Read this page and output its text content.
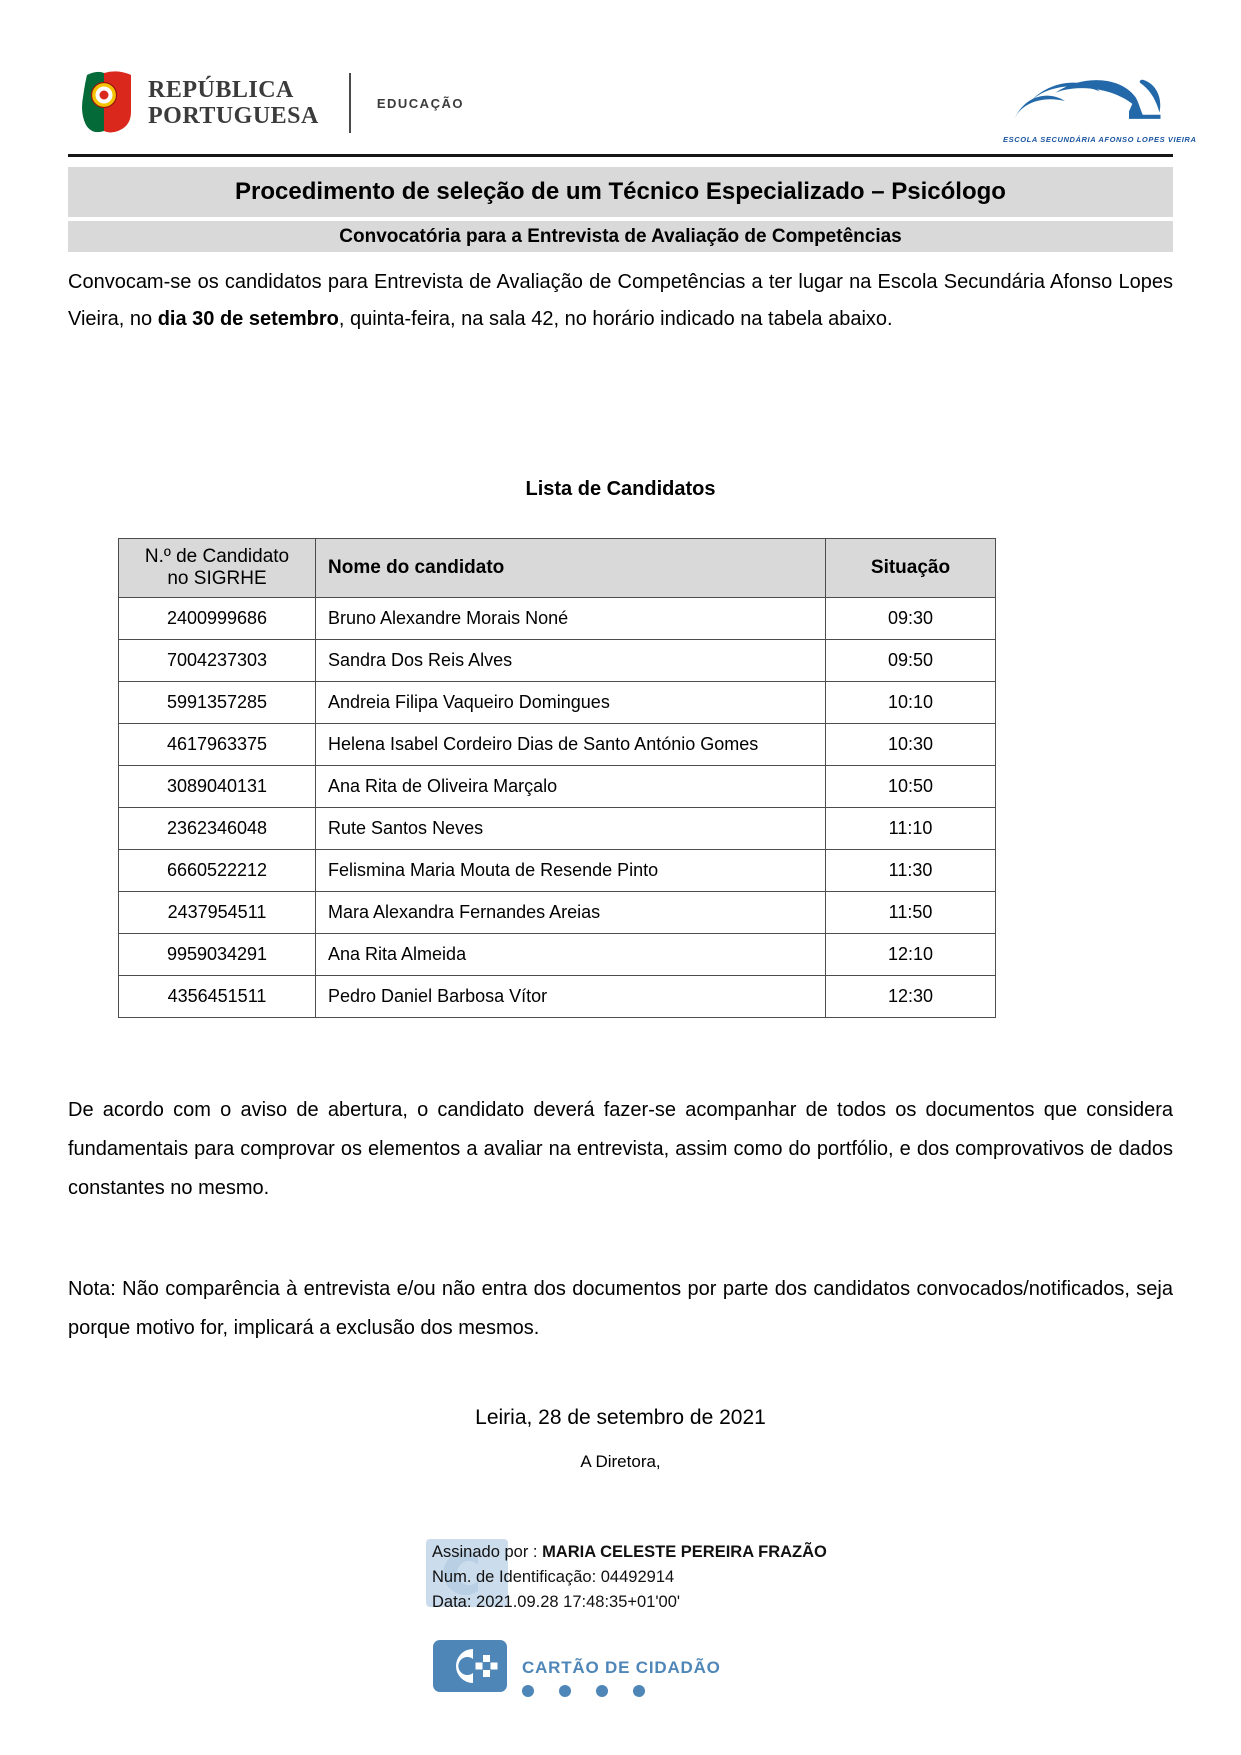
REPÚBLICA
PORTUGUESA	EDUCAÇÃO
ESCOLA SECUNDÁRIA AFONSO LOPES VIEIRA
Procedimento de seleção de um Técnico Especializado – Psicólogo
Convocatória para a Entrevista de Avaliação de Competências

Convocam-se os candidatos para Entrevista de Avaliação de Competências a ter lugar na Escola Secundária Afonso Lopes Vieira, no dia 30 de setembro, quinta-feira, na sala 42, no horário indicado na tabela abaixo.

Lista de Candidatos
N.º de Candidato no SIGRHE	Nome do candidato	Situação
2400999686	Bruno Alexandre Morais Noné	09:30
7004237303	Sandra Dos Reis Alves	09:50
5991357285	Andreia Filipa Vaqueiro Domingues	10:10
4617963375	Helena Isabel Cordeiro Dias de Santo António Gomes	10:30
3089040131	Ana Rita de Oliveira Marçalo	10:50
2362346048	Rute Santos Neves	11:10
6660522212	Felismina Maria Mouta de Resende Pinto	11:30
2437954511	Mara Alexandra Fernandes Areias	11:50
9959034291	Ana Rita Almeida	12:10
4356451511	Pedro Daniel Barbosa Vítor	12:30

De acordo com o aviso de abertura, o candidato deverá fazer-se acompanhar de todos os documentos que considera fundamentais para comprovar os elementos a avaliar na entrevista, assim como do portfólio, e dos comprovativos de dados constantes no mesmo.

Nota: Não comparência à entrevista e/ou não entra dos documentos por parte dos candidatos convocados/notificados, seja porque motivo for, implicará a exclusão dos mesmos.

Leiria, 28 de setembro de 2021
A Diretora,
Assinado por : MARIA CELESTE PEREIRA FRAZÃO
Num. de Identificação: 04492914
Data: 2021.09.28 17:48:35+01'00'
CARTÃO DE CIDADÃO
